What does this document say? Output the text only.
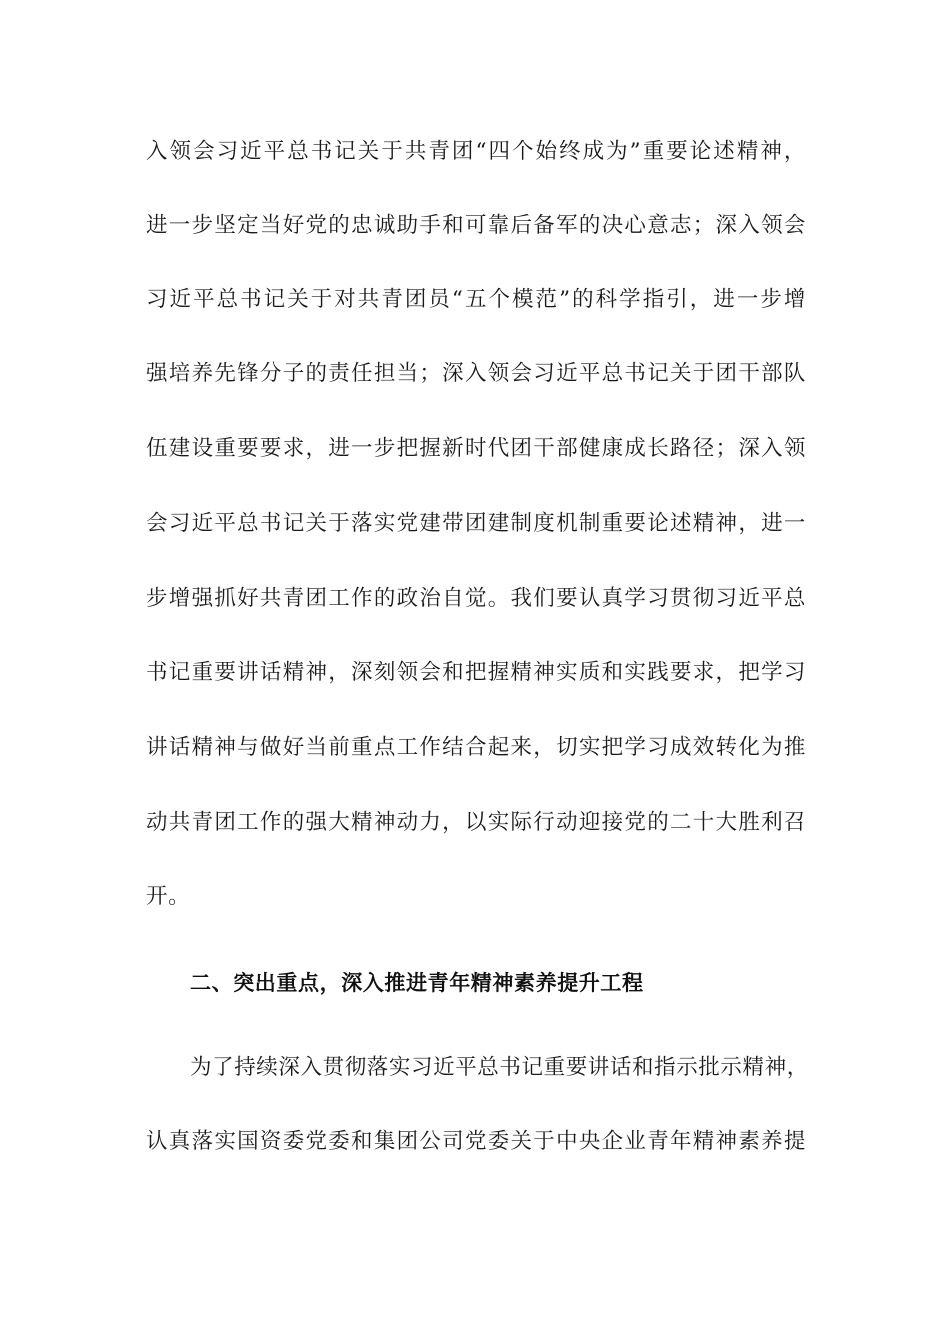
入领会习近平总书记关于共青团“四个始终成为”重要论述精神，
进一步坚定当好党的忠诚助手和可靠后备军的决心意志；深入领会
习近平总书记关于对共青团员“五个模范”的科学指引，进一步增
强培养先锋分子的责任担当；深入领会习近平总书记关于团干部队
伍建设重要要求，进一步把握新时代团干部健康成长路径；深入领
会习近平总书记关于落实党建带团建制度机制重要论述精神，进一
步增强抓好共青团工作的政治自觉。我们要认真学习贯彻习近平总
书记重要讲话精神，深刻领会和把握精神实质和实践要求，把学习
讲话精神与做好当前重点工作结合起来，切实把学习成效转化为推
动共青团工作的强大精神动力，以实际行动迎接党的二十大胜利召
开。
二、突出重点，深入推进青年精神素养提升工程
为了持续深入贯彻落实习近平总书记重要讲话和指示批示精神，
认真落实国资委党委和集团公司党委关于中央企业青年精神素养提
